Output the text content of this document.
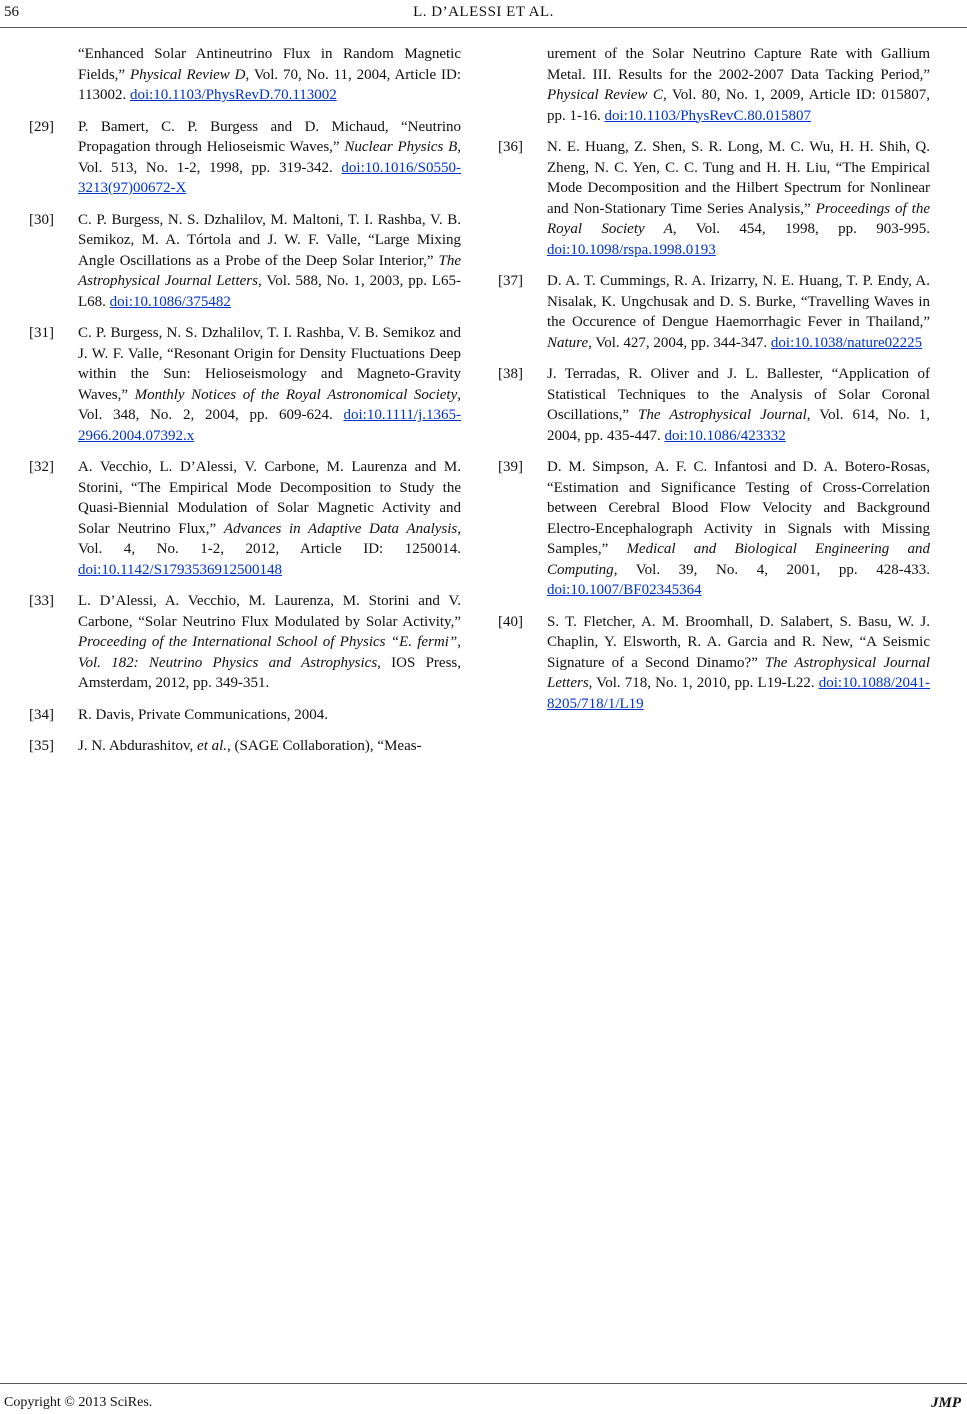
56	L. D’ALESSI ET AL.
“Enhanced Solar Antineutrino Flux in Random Magnetic Fields,” Physical Review D, Vol. 70, No. 11, 2004, Article ID: 113002. doi:10.1103/PhysRevD.70.113002
[29] P. Bamert, C. P. Burgess and D. Michaud, “Neutrino Propagation through Helioseismic Waves,” Nuclear Physics B, Vol. 513, No. 1-2, 1998, pp. 319-342. doi:10.1016/S0550-3213(97)00672-X
[30] C. P. Burgess, N. S. Dzhalilov, M. Maltoni, T. I. Rashba, V. B. Semikoz, M. A. Tórtola and J. W. F. Valle, “Large Mixing Angle Oscillations as a Probe of the Deep Solar Interior,” The Astrophysical Journal Letters, Vol. 588, No. 1, 2003, pp. L65-L68. doi:10.1086/375482
[31] C. P. Burgess, N. S. Dzhalilov, T. I. Rashba, V. B. Semikoz and J. W. F. Valle, “Resonant Origin for Density Fluctuations Deep within the Sun: Helioseismology and Magneto-Gravity Waves,” Monthly Notices of the Royal Astronomical Society, Vol. 348, No. 2, 2004, pp. 609-624. doi:10.1111/j.1365-2966.2004.07392.x
[32] A. Vecchio, L. D’Alessi, V. Carbone, M. Laurenza and M. Storini, “The Empirical Mode Decomposition to Study the Quasi-Biennial Modulation of Solar Magnetic Activity and Solar Neutrino Flux,” Advances in Adaptive Data Analysis, Vol. 4, No. 1-2, 2012, Article ID: 1250014. doi:10.1142/S1793536912500148
[33] L. D’Alessi, A. Vecchio, M. Laurenza, M. Storini and V. Carbone, “Solar Neutrino Flux Modulated by Solar Activity,” Proceeding of the International School of Physics “E. fermi”, Vol. 182: Neutrino Physics and Astrophysics, IOS Press, Amsterdam, 2012, pp. 349-351.
[34] R. Davis, Private Communications, 2004.
[35] J. N. Abdurashitov, et al., (SAGE Collaboration), “Meas-
urement of the Solar Neutrino Capture Rate with Gallium Metal. III. Results for the 2002-2007 Data Tacking Period,” Physical Review C, Vol. 80, No. 1, 2009, Article ID: 015807, pp. 1-16. doi:10.1103/PhysRevC.80.015807
[36] N. E. Huang, Z. Shen, S. R. Long, M. C. Wu, H. H. Shih, Q. Zheng, N. C. Yen, C. C. Tung and H. H. Liu, “The Empirical Mode Decomposition and the Hilbert Spectrum for Nonlinear and Non-Stationary Time Series Analysis,” Proceedings of the Royal Society A, Vol. 454, 1998, pp. 903-995. doi:10.1098/rspa.1998.0193
[37] D. A. T. Cummings, R. A. Irizarry, N. E. Huang, T. P. Endy, A. Nisalak, K. Ungchusak and D. S. Burke, “Travelling Waves in the Occurence of Dengue Haemorrhagic Fever in Thailand,” Nature, Vol. 427, 2004, pp. 344-347. doi:10.1038/nature02225
[38] J. Terradas, R. Oliver and J. L. Ballester, “Application of Statistical Techniques to the Analysis of Solar Coronal Oscillations,” The Astrophysical Journal, Vol. 614, No. 1, 2004, pp. 435-447. doi:10.1086/423332
[39] D. M. Simpson, A. F. C. Infantosi and D. A. Botero-Rosas, “Estimation and Significance Testing of Cross-Correlation between Cerebral Blood Flow Velocity and Background Electro-Encephalograph Activity in Signals with Missing Samples,” Medical and Biological Engineering and Computing, Vol. 39, No. 4, 2001, pp. 428-433. doi:10.1007/BF02345364
[40] S. T. Fletcher, A. M. Broomhall, D. Salabert, S. Basu, W. J. Chaplin, Y. Elsworth, R. A. Garcia and R. New, “A Seismic Signature of a Second Dinamo?” The Astrophysical Journal Letters, Vol. 718, No. 1, 2010, pp. L19-L22. doi:10.1088/2041-8205/718/1/L19
Copyright © 2013 SciRes.	JMP
